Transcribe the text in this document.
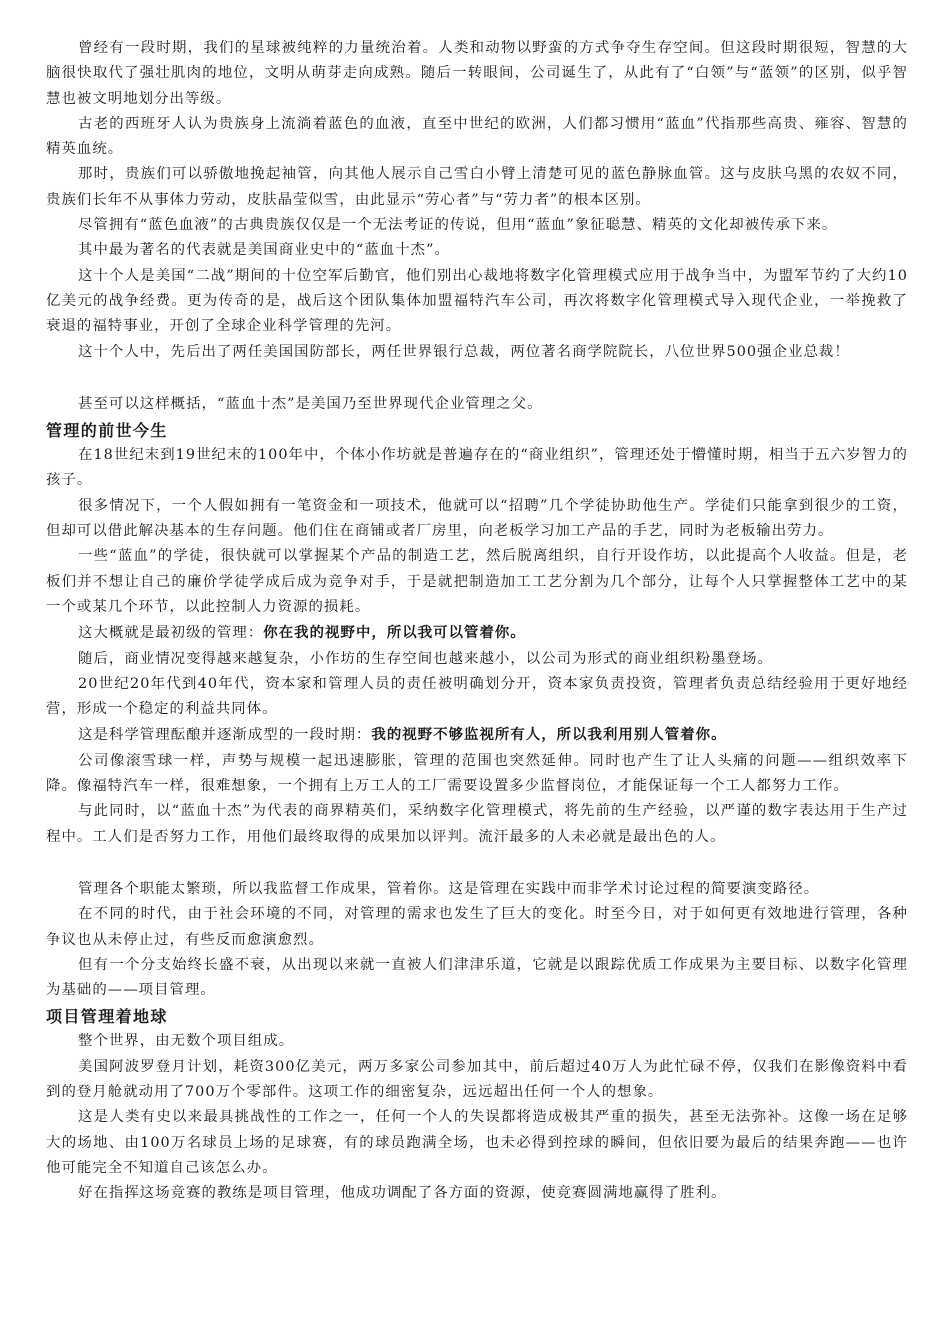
曾经有一段时期，我们的星球被纯粹的力量统治着。人类和动物以野蛮的方式争夺生存空间。但这段时期很短，智慧的大脑很快取代了强壮肌肉的地位，文明从萌芽走向成熟。随后一转眼间，公司诞生了，从此有了“白领”与“蓝领”的区别，似乎智慧也被文明地划分出等级。

古老的西班牙人认为贵族身上流淌着蓝色的血液，直至中世纪的欧洲，人们都习惯用“蓝血”代指那些高贵、雍容、智慧的精英血统。

那时，贵族们可以骄傲地挽起袖管，向其他人展示自己雪白小臂上清楚可见的蓝色静脉血管。这与皮肤乌黑的农奴不同，贵族们长年不从事体力劳动，皮肤晶莹似雪，由此显示“劳心者”与“劳力者”的根本区别。

尽管拥有“蓝色血液”的古典贵族仅仅是一个无法考证的传说，但用“蓝血”象征聪慧、精英的文化却被传承下来。

其中最为著名的代表就是美国商业史中的“蓝血十杰”。

这十个人是美国“二战”期间的十位空军后勤官，他们别出心裁地将数字化管理模式应用于战争当中，为盟军节约了大约10亿美元的战争经费。更为传奇的是，战后这个团队集体加盟福特汽车公司，再次将数字化管理模式导入现代企业，一举挽救了衰退的福特事业，开创了全球企业科学管理的先河。

这十个人中，先后出了两任美国国防部长，两任世界银行总裁，两位著名商学院院长，八位世界500强企业总裁！

甚至可以这样概括，“蓝血十杰”是美国乃至世界现代企业管理之父。

管理的前世今生

在18世纪末到19世纪末的100年中，个体小作坊就是普遍存在的“商业组织”，管理还处于懵懂时期，相当于五六岁智力的孩子。

很多情况下，一个人假如拥有一笔资金和一项技术，他就可以“招聘”几个学徒协助他生产。学徒们只能拿到很少的工资，但却可以借此解决基本的生存问题。他们住在商铺或者厂房里，向老板学习加工产品的手艺，同时为老板输出劳力。

一些“蓝血”的学徒，很快就可以掌握某个产品的制造工艺，然后脱离组织，自行开设作坊，以此提高个人收益。但是，老板们并不想让自己的廉价学徒学成后成为竞争对手，于是就把制造加工工艺分割为几个部分，让每个人只掌握整体工艺中的某一个或某几个环节，以此控制人力资源的损耗。

这大概就是最初级的管理：你在我的视野中，所以我可以管着你。

随后，商业情况变得越来越复杂，小作坊的生存空间也越来越小，以公司为形式的商业组织粉墨登场。

20世纪20年代到40年代，资本家和管理人员的责任被明确划分开，资本家负责投资，管理者负责总结经验用于更好地经营，形成一个稳定的利益共同体。

这是科学管理酝酿并逐渐成型的一段时期：我的视野不够监视所有人，所以我利用别人管着你。

公司像滚雪球一样，声势与规模一起迅速膨胀，管理的范围也突然延伸。同时也产生了让人头痛的问题——组织效率下降。像福特汽车一样，很难想象，一个拥有上万工人的工厂需要设置多少监督岗位，才能保证每一个工人都努力工作。

与此同时，以“蓝血十杰”为代表的商界精英们，采纳数字化管理模式，将先前的生产经验，以严谨的数字表达用于生产过程中。工人们是否努力工作，用他们最终取得的成果加以评判。流汗最多的人未必就是最出色的人。

管理各个职能太繁琐，所以我监督工作成果，管着你。这是管理在实践中而非学术讨论过程的简要演变路径。

在不同的时代，由于社会环境的不同，对管理的需求也发生了巨大的变化。时至今日，对于如何更有效地进行管理，各种争议也从未停止过，有些反而愈演愈烈。

但有一个分支始终长盛不衰，从出现以来就一直被人们津津乐道，它就是以跟踪优质工作成果为主要目标、以数字化管理为基础的——项目管理。

项目管理着地球

整个世界，由无数个项目组成。

美国阿波罗登月计划，耗资300亿美元，两万多家公司参加其中，前后超过40万人为此忙碌不停，仅我们在影像资料中看到的登月舱就动用了700万个零部件。这项工作的细密复杂，远远超出任何一个人的想象。

这是人类有史以来最具挑战性的工作之一，任何一个人的失误都将造成极其严重的损失，甚至无法弥补。这像一场在足够大的场地、由100万名球员上场的足球赛，有的球员跑满全场，也未必得到控球的瞬间，但依旧要为最后的结果奔跑——也许他可能完全不知道自己该怎么办。

好在指挥这场竞赛的教练是项目管理，他成功调配了各方面的资源，使竞赛圆满地赢得了胜利。
